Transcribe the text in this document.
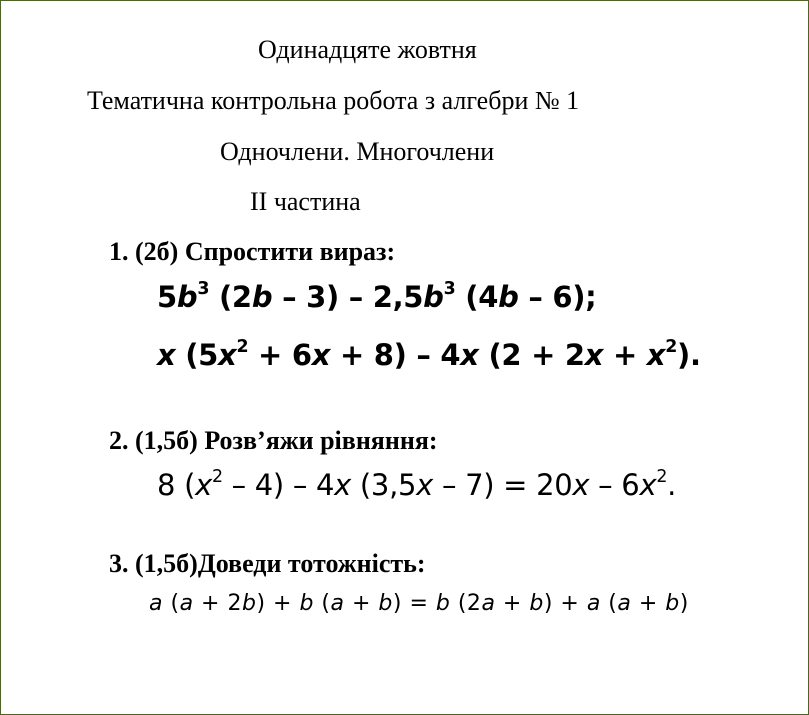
Одинадцяте жовтня
Тематична контрольна робота з алгебри № 1
Одночлени. Многочлени
ІІ частина
1. (2б) Спростити вираз:
$5b^3$ $(2b - 3) - 2,5b^3$ (4b – 6);
x $(5x^2 + 6x + 8) - 4x$ $(2 + 2x + x^2)$.
2. (1,5б) Розв’яжи рівняння:
8 $(x^2 - 4) - 4x$ $(3,5x - 7) = 20x - 6x^2$.
3. (1,5б)Доведи тотожність:
a (a + 2b) + b (a + b) = b (2a + b) + a (a + b)
